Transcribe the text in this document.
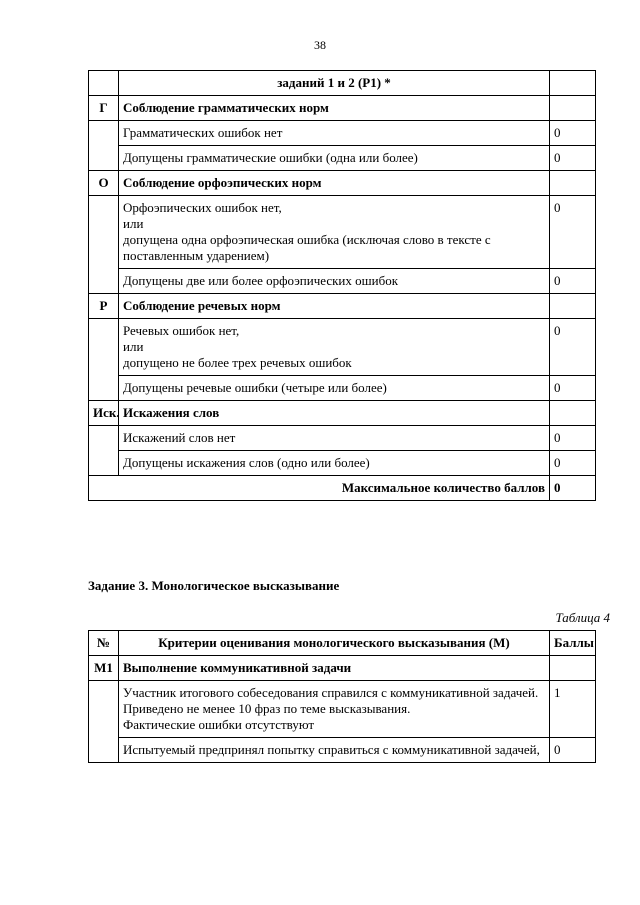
38
	заданий 1 и 2 (Р1) *	
Г	Соблюдение грамматических норм	

	Грамматических ошибок нет	0

	Допущены грамматические ошибки (одна или более)	0
О	Соблюдение орфоэпических норм	

	Орфоэпических ошибок нет,
или
допущена одна орфоэпическая ошибка (исключая слово в тексте с поставленным ударением)	0

	Допущены две или более орфоэпических ошибок	0
Р	Соблюдение речевых норм	

	Речевых ошибок нет,
или
допущено не более трех речевых ошибок	0

	Допущены речевые ошибки (четыре или более)	0
Иск.	Искажения слов	

	Искажений слов нет	0

	Допущены искажения слов (одно или более)	0
Максимальное количество баллов		0
Задание 3. Монологическое высказывание
Таблица 4
№	Критерии оценивания монологического высказывания (М)	Баллы
М1	Выполнение коммуникативной задачи	

	Участник итогового собеседования справился с коммуникативной задачей.
Приведено не менее 10 фраз по теме высказывания.
Фактические ошибки отсутствуют	1

	Испытуемый предпринял попытку справиться с коммуникативной задачей,	0
